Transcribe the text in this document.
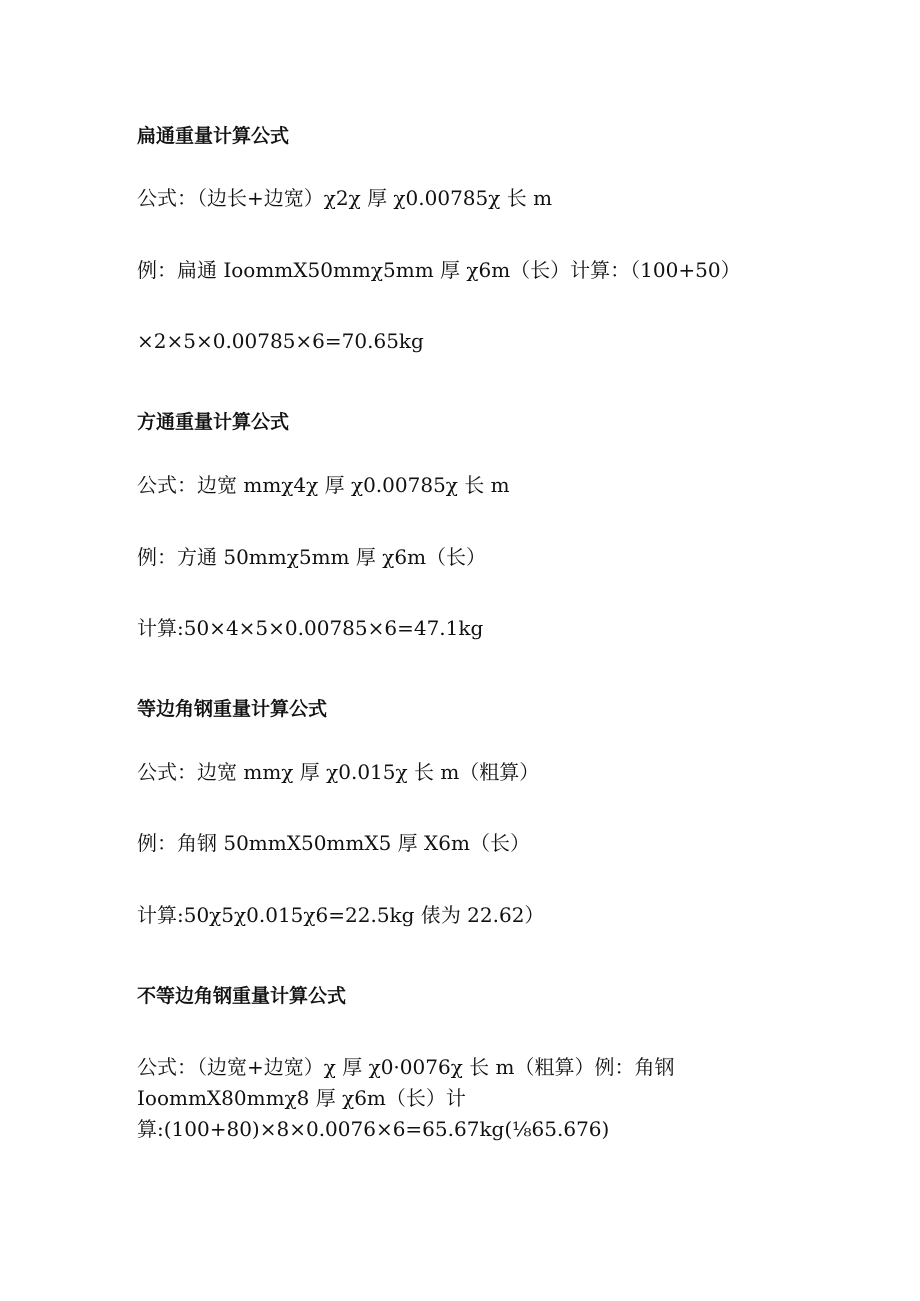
扁通重量计算公式
公式：（边长+边宽）χ2χ 厚 χ0.00785χ 长 m
例：扁通 IoommX50mmχ5mm 厚 χ6m（长）计算：（100+50）
×2×5×0.00785×6=70.65kg
方通重量计算公式
公式：边宽 mmχ4χ 厚 χ0.00785χ 长 m
例：方通 50mmχ5mm 厚 χ6m（长）
计算:50×4×5×0.00785×6=47.1kg
等边角钢重量计算公式
公式：边宽 mmχ 厚 χ0.015χ 长 m（粗算）
例：角钢 50mmX50mmX5 厚 X6m（长）
计算:50χ5χ0.015χ6=22.5kg 俵为 22.62）
不等边角钢重量计算公式
公式：（边宽+边宽）χ 厚 χ0·0076χ 长 m（粗算）例：角钢
IoommX80mmχ8 厚 χ6m（长）计
算:(100+80)×8×0.0076×6=65.67kg(⅛65.676)
